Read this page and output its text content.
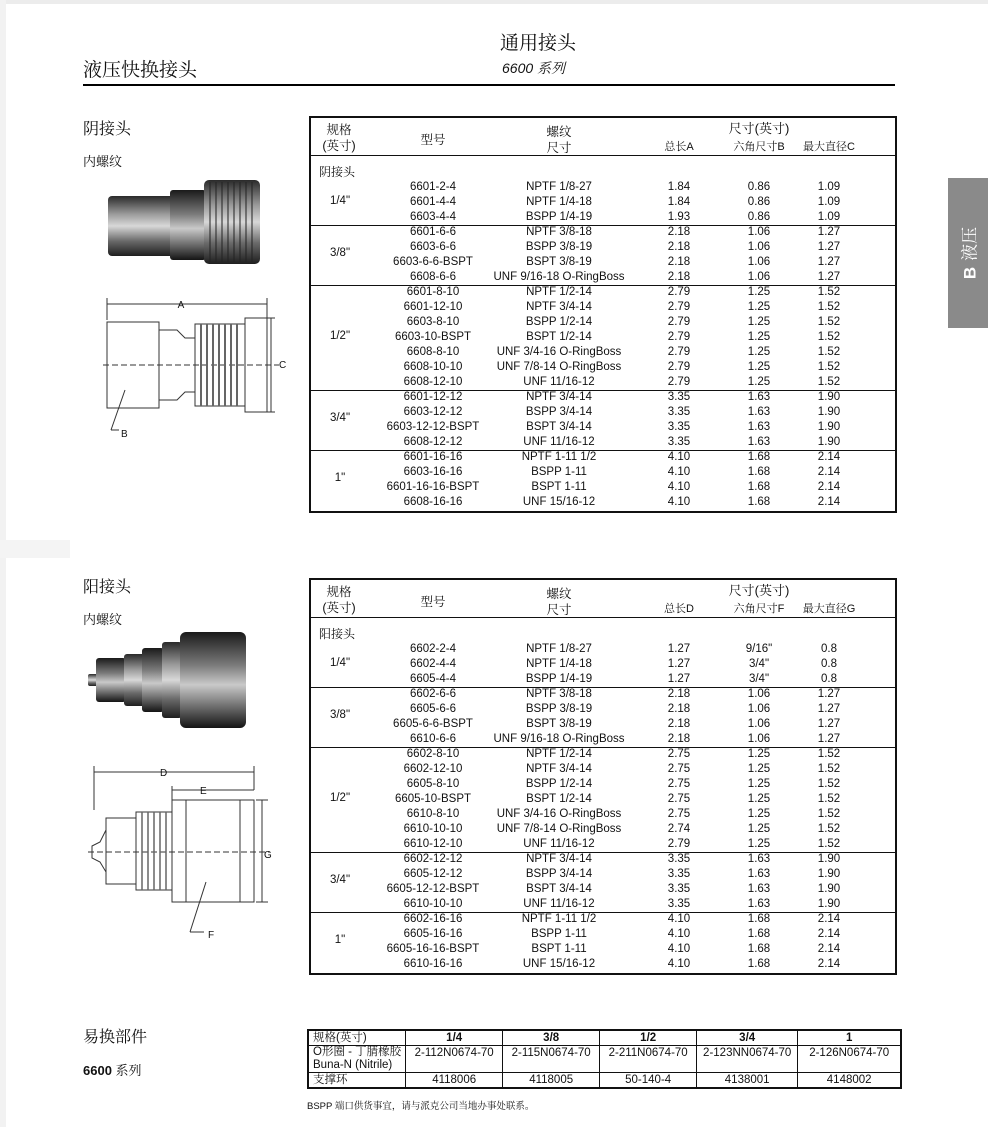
液压快换接头
通用接头
6600 系列
B液压
阴接头
内螺纹
A
C
B
规格
(英寸)	型号
螺纹
尺寸
尺寸(英寸)
总长A	六角尺寸B	最大直径C
阴接头
1/4"
6601-2-4	NPTF 1/8-27	1.84	0.86	1.09
6601-4-4	NPTF 1/4-18	1.84	0.86	1.09
6603-4-4	BSPP 1/4-19	1.93	0.86	1.09
3/8"
6601-6-6	NPTF 3/8-18	2.18	1.06	1.27
6603-6-6	BSPP 3/8-19	2.18	1.06	1.27
6603-6-6-BSPT	BSPT 3/8-19	2.18	1.06	1.27
6608-6-6	UNF 9/16-18 O-RingBoss	2.18	1.06	1.27
1/2"
6601-8-10	NPTF 1/2-14	2.79	1.25	1.52
6601-12-10	NPTF 3/4-14	2.79	1.25	1.52
6603-8-10	BSPP 1/2-14	2.79	1.25	1.52
6603-10-BSPT	BSPT 1/2-14	2.79	1.25	1.52
6608-8-10	UNF 3/4-16 O-RingBoss	2.79	1.25	1.52
6608-10-10	UNF 7/8-14 O-RingBoss	2.79	1.25	1.52
6608-12-10	UNF 11/16-12	2.79	1.25	1.52
3/4"
6601-12-12	NPTF 3/4-14	3.35	1.63	1.90
6603-12-12	BSPP 3/4-14	3.35	1.63	1.90
6603-12-12-BSPT	BSPT 3/4-14	3.35	1.63	1.90
6608-12-12	UNF 11/16-12	3.35	1.63	1.90
1"
6601-16-16	NPTF 1-11 1/2	4.10	1.68	2.14
6603-16-16	BSPP 1-11	4.10	1.68	2.14
6601-16-16-BSPT	BSPT 1-11	4.10	1.68	2.14
6608-16-16	UNF 15/16-12	4.10	1.68	2.14
阳接头
内螺纹
D
E
G
F
规格
(英寸)	型号
螺纹
尺寸
尺寸(英寸)
总长D	六角尺寸F	最大直径G
阳接头
1/4"
6602-2-4	NPTF 1/8-27	1.27	9/16"	0.8
6602-4-4	NPTF 1/4-18	1.27	3/4"	0.8
6605-4-4	BSPP 1/4-19	1.27	3/4"	0.8
3/8"
6602-6-6	NPTF 3/8-18	2.18	1.06	1.27
6605-6-6	BSPP 3/8-19	2.18	1.06	1.27
6605-6-6-BSPT	BSPT 3/8-19	2.18	1.06	1.27
6610-6-6	UNF 9/16-18 O-RingBoss	2.18	1.06	1.27
1/2"
6602-8-10	NPTF 1/2-14	2.75	1.25	1.52
6602-12-10	NPTF 3/4-14	2.75	1.25	1.52
6605-8-10	BSPP 1/2-14	2.75	1.25	1.52
6605-10-BSPT	BSPT 1/2-14	2.75	1.25	1.52
6610-8-10	UNF 3/4-16 O-RingBoss	2.75	1.25	1.52
6610-10-10	UNF 7/8-14 O-RingBoss	2.74	1.25	1.52
6610-12-10	UNF 11/16-12	2.79	1.25	1.52
3/4"
6602-12-12	NPTF 3/4-14	3.35	1.63	1.90
6605-12-12	BSPP 3/4-14	3.35	1.63	1.90
6605-12-12-BSPT	BSPT 3/4-14	3.35	1.63	1.90
6610-10-10	UNF 11/16-12	3.35	1.63	1.90
1"
6602-16-16	NPTF 1-11 1/2	4.10	1.68	2.14
6605-16-16	BSPP 1-11	4.10	1.68	2.14
6605-16-16-BSPT	BSPT 1-11	4.10	1.68	2.14
6610-16-16	UNF 15/16-12	4.10	1.68	2.14
易换部件
6600 系列
规格(英寸)	1/4	3/8	1/2	3/4	1
O形圈 - 丁腈橡胶
Buna-N (Nitrile)	2-112N0674-70	2-115N0674-70	2-211N0674-70	2-123NN0674-70	2-126N0674-70
支撑环	4118006	4118005	50-140-4	4138001	4148002
BSPP 端口供货事宜，请与派克公司当地办事处联系。
